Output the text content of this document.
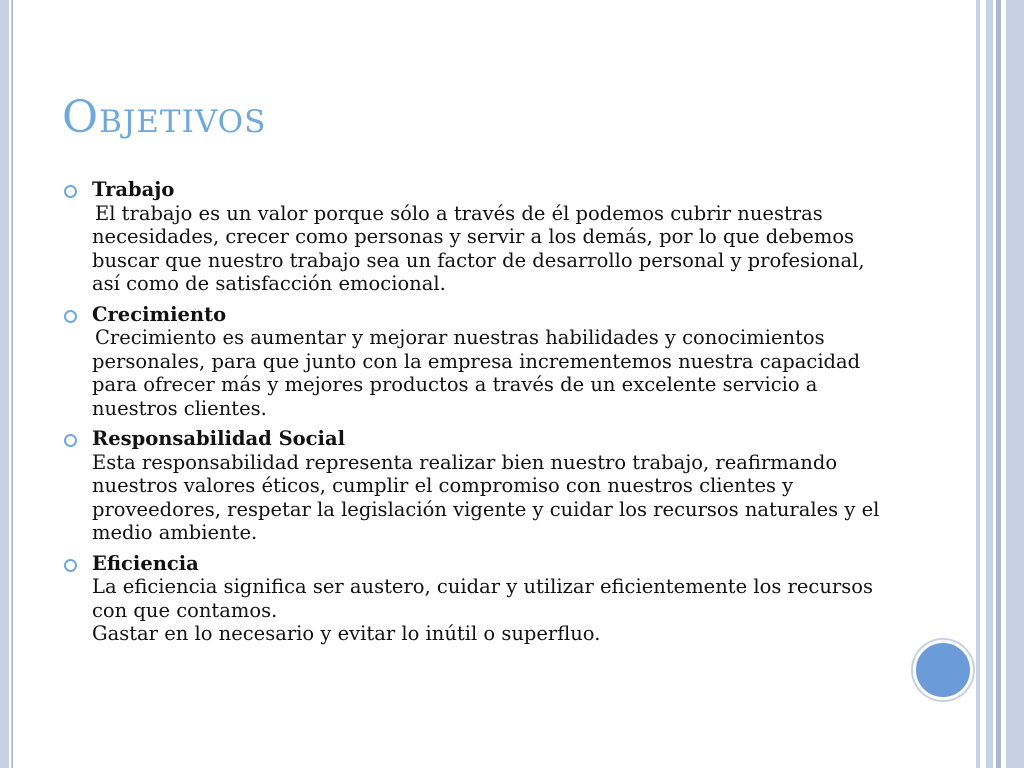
Objetivos
Trabajo
El trabajo es un valor porque sólo a través de él podemos cubrir nuestras necesidades, crecer como personas y servir a los demás, por lo que debemos buscar que nuestro trabajo sea un factor de desarrollo personal y profesional, así como de satisfacción emocional.
Crecimiento
Crecimiento es aumentar y mejorar nuestras habilidades y conocimientos personales, para que junto con la empresa incrementemos nuestra capacidad para ofrecer más y mejores productos a través de un excelente servicio a nuestros clientes.
Responsabilidad Social
Esta responsabilidad representa realizar bien nuestro trabajo, reafirmando nuestros valores éticos, cumplir el compromiso con nuestros clientes y proveedores, respetar la legislación vigente y cuidar los recursos naturales y el medio ambiente.
Eficiencia
La eficiencia significa ser austero, cuidar y utilizar eficientemente los recursos con que contamos.
Gastar en lo necesario y evitar lo inútil o superfluo.
